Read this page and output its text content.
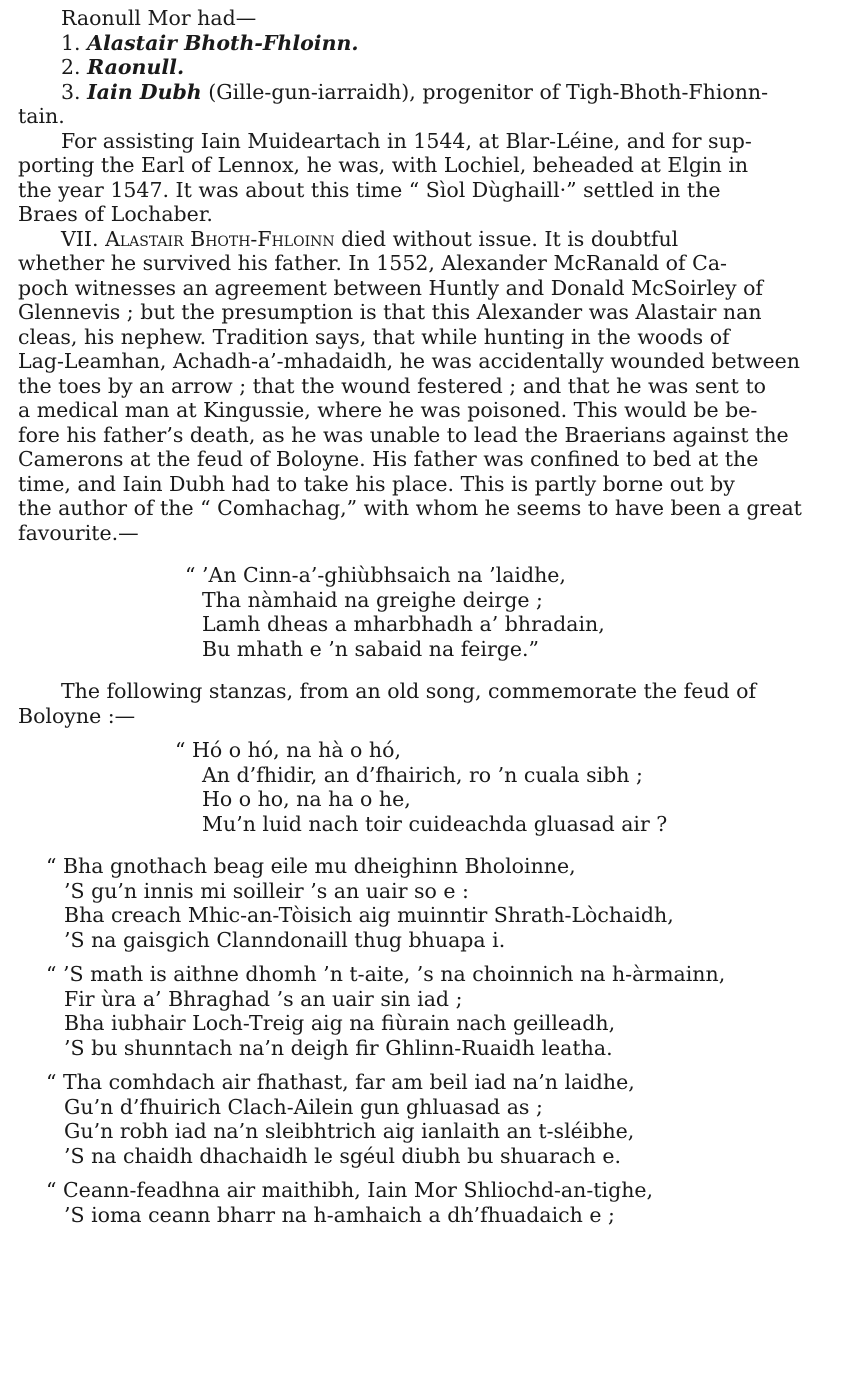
Raonull Mor had—
1. Alastair Bhoth-Fhloinn.
2. Raonull.
3. Iain Dubh (Gille-gun-iarraidh), progenitor of Tigh-Bhoth-Fhionn-
tain.

For assisting Iain Muideartach in 1544, at Blar-Léine, and for sup-
porting the Earl of Lennox, he was, with Lochiel, beheaded at Elgin in
the year 1547. It was about this time “ Sìol Dùghaill·” settled in the
Braes of Lochaber.

VII. Alastair Bhoth-Fhloinn died without issue. It is doubtful
whether he survived his father. In 1552, Alexander McRanald of Ca-
poch witnesses an agreement between Huntly and Donald McSoirley of
Glennevis ; but the presumption is that this Alexander was Alastair nan
cleas, his nephew. Tradition says, that while hunting in the woods of
Lag-Leamhan, Achadh-a’-mhadaidh, he was accidentally wounded between
the toes by an arrow ; that the wound festered ; and that he was sent to
a medical man at Kingussie, where he was poisoned. This would be be-
fore his father’s death, as he was unable to lead the Braerians against the
Camerons at the feud of Boloyne. His father was confined to bed at the
time, and Iain Dubh had to take his place. This is partly borne out by
the author of the “ Comhachag,” with whom he seems to have been a great
favourite.—

“ ’An Cinn-a’-ghiùbhsaich na ’laidhe,
Tha nàmhaid na greighe deirge ;
Lamh dheas a mharbhadh a’ bhradain,
Bu mhath e ’n sabaid na feirge.”

The following stanzas, from an old song, commemorate the feud of
Boloyne :—

“ Hó o hó, na hà o hó,
An d’fhidir, an d’fhairich, ro ’n cuala sibh ;
Ho o ho, na ha o he,
Mu’n luid nach toir cuideachda gluasad air ?
“ Bha gnothach beag eile mu dheighinn Bholoinne,
’S gu’n innis mi soilleir ’s an uair so e :
Bha creach Mhic-an-Tòisich aig muinntir Shrath-Lòchaidh,
’S na gaisgich Clanndonaill thug bhuapa i.
“ ’S math is aithne dhomh ’n t-aite, ’s na choinnich na h-àrmainn,
Fir ùra a’ Bhraghad ’s an uair sin iad ;
Bha iubhair Loch-Treig aig na fiùrain nach geilleadh,
’S bu shunntach na’n deigh fir Ghlinn-Ruaidh leatha.
“ Tha comhdach air fhathast, far am beil iad na’n laidhe,
Gu’n d’fhuirich Clach-Ailein gun ghluasad as ;
Gu’n robh iad na’n sleibhtrich aig ianlaith an t-sléibhe,
’S na chaidh dhachaidh le sgéul diubh bu shuarach e.
“ Ceann-feadhna air maithibh, Iain Mor Shliochd-an-tighe,
’S ioma ceann bharr na h-amhaich a dh’fhuadaich e ;
